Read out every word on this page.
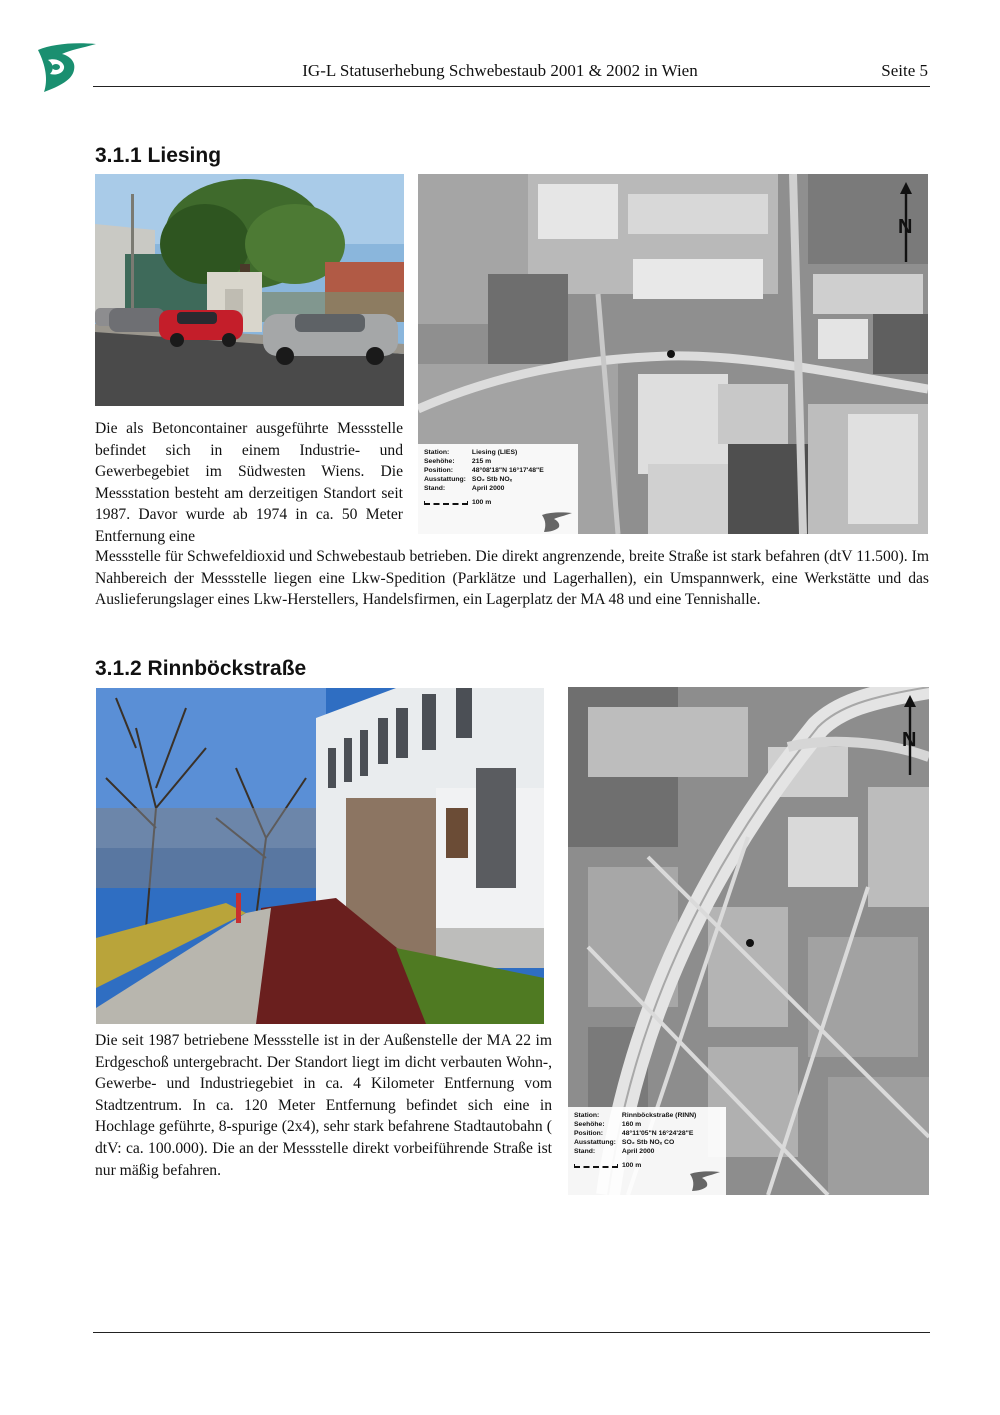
IG-L Statuserhebung Schwebestaub 2001 & 2002 in Wien	Seite 5
3.1.1 Liesing
Station:	Liesing (LIES)
Seehöhe:	215 m
Position:	48°08'18"N 16°17'48"E
Ausstattung:	SO₂ Stb NOₓ
Stand:	April 2000
100 m
N

Die als Betoncontainer ausgeführte Messstelle befindet sich in einem Industrie- und Gewerbegebiet im Südwesten Wiens. Die Messstation besteht am derzeitigen Standort seit 1987. Davor wurde ab 1974 in ca. 50 Meter Entfernung eine

Messstelle für Schwefeldioxid und Schwebestaub betrieben. Die direkt angrenzende, breite Straße ist stark befahren (dtV 11.500). Im Nahbereich der Messstelle liegen eine Lkw-Spedition (Parklätze und Lagerhallen), ein Umspannwerk, eine Werkstätte und das Auslieferungslager eines Lkw-Herstellers, Handelsfirmen, ein Lagerplatz der MA 48 und eine Tennishalle.

3.1.2 Rinnböckstraße
Station:	Rinnböckstraße (RINN)
Seehöhe:	160 m
Position:	48°11'05"N 16°24'28"E
Ausstattung:	SO₂ Stb NOₓ CO
Stand:	April 2000
100 m
N

Die seit 1987 betriebene Messstelle ist in der Außenstelle der MA 22 im Erdgeschoß untergebracht. Der Standort liegt im dicht verbauten Wohn-, Gewerbe- und Industriegebiet in ca. 4 Kilometer Entfernung vom Stadtzentrum. In ca. 120 Meter Entfernung befindet sich eine in Hochlage geführte, 8-spurige (2x4), sehr stark befahrene Stadtautobahn ( dtV: ca. 100.000). Die an der Messstelle direkt vorbeiführende Straße ist nur mäßig befahren.
